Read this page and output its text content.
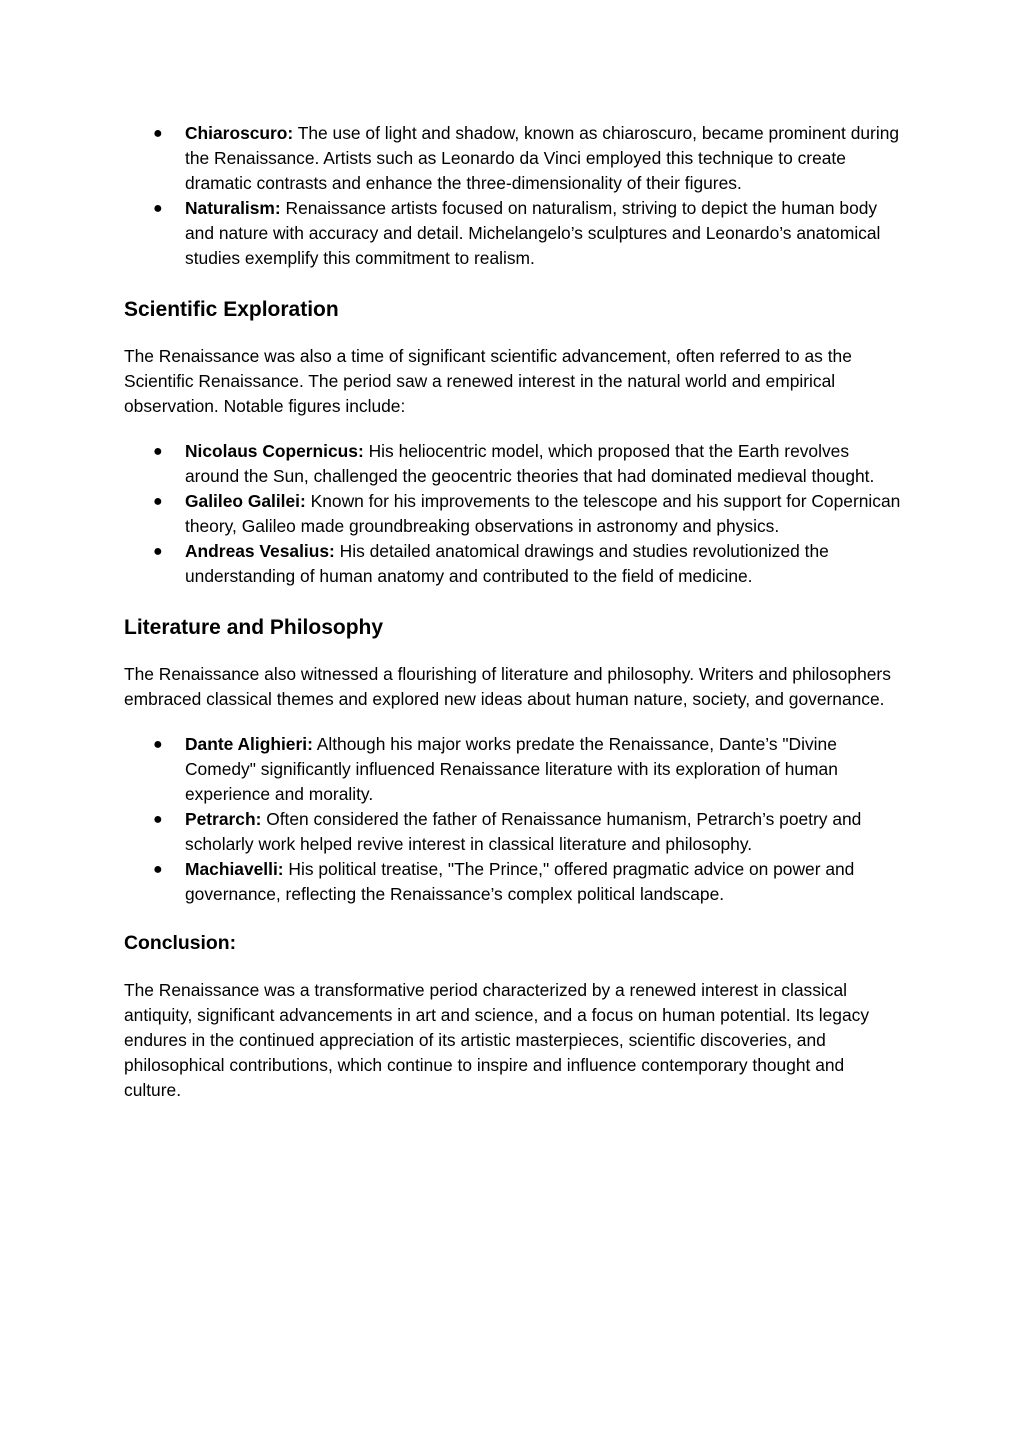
● Chiaroscuro: The use of light and shadow, known as chiaroscuro, became prominent during the Renaissance. Artists such as Leonardo da Vinci employed this technique to create dramatic contrasts and enhance the three-dimensionality of their figures.
● Naturalism: Renaissance artists focused on naturalism, striving to depict the human body and nature with accuracy and detail. Michelangelo’s sculptures and Leonardo’s anatomical studies exemplify this commitment to realism.
Scientific Exploration

The Renaissance was also a time of significant scientific advancement, often referred to as the Scientific Renaissance. The period saw a renewed interest in the natural world and empirical observation. Notable figures include:

● Nicolaus Copernicus: His heliocentric model, which proposed that the Earth revolves around the Sun, challenged the geocentric theories that had dominated medieval thought.
● Galileo Galilei: Known for his improvements to the telescope and his support for Copernican theory, Galileo made groundbreaking observations in astronomy and physics.
● Andreas Vesalius: His detailed anatomical drawings and studies revolutionized the understanding of human anatomy and contributed to the field of medicine.
Literature and Philosophy

The Renaissance also witnessed a flourishing of literature and philosophy. Writers and philosophers embraced classical themes and explored new ideas about human nature, society, and governance.

● Dante Alighieri: Although his major works predate the Renaissance, Dante’s "Divine Comedy" significantly influenced Renaissance literature with its exploration of human experience and morality.
● Petrarch: Often considered the father of Renaissance humanism, Petrarch’s poetry and scholarly work helped revive interest in classical literature and philosophy.
● Machiavelli: His political treatise, "The Prince," offered pragmatic advice on power and governance, reflecting the Renaissance’s complex political landscape.
Conclusion:

The Renaissance was a transformative period characterized by a renewed interest in classical antiquity, significant advancements in art and science, and a focus on human potential. Its legacy endures in the continued appreciation of its artistic masterpieces, scientific discoveries, and philosophical contributions, which continue to inspire and influence contemporary thought and culture.
